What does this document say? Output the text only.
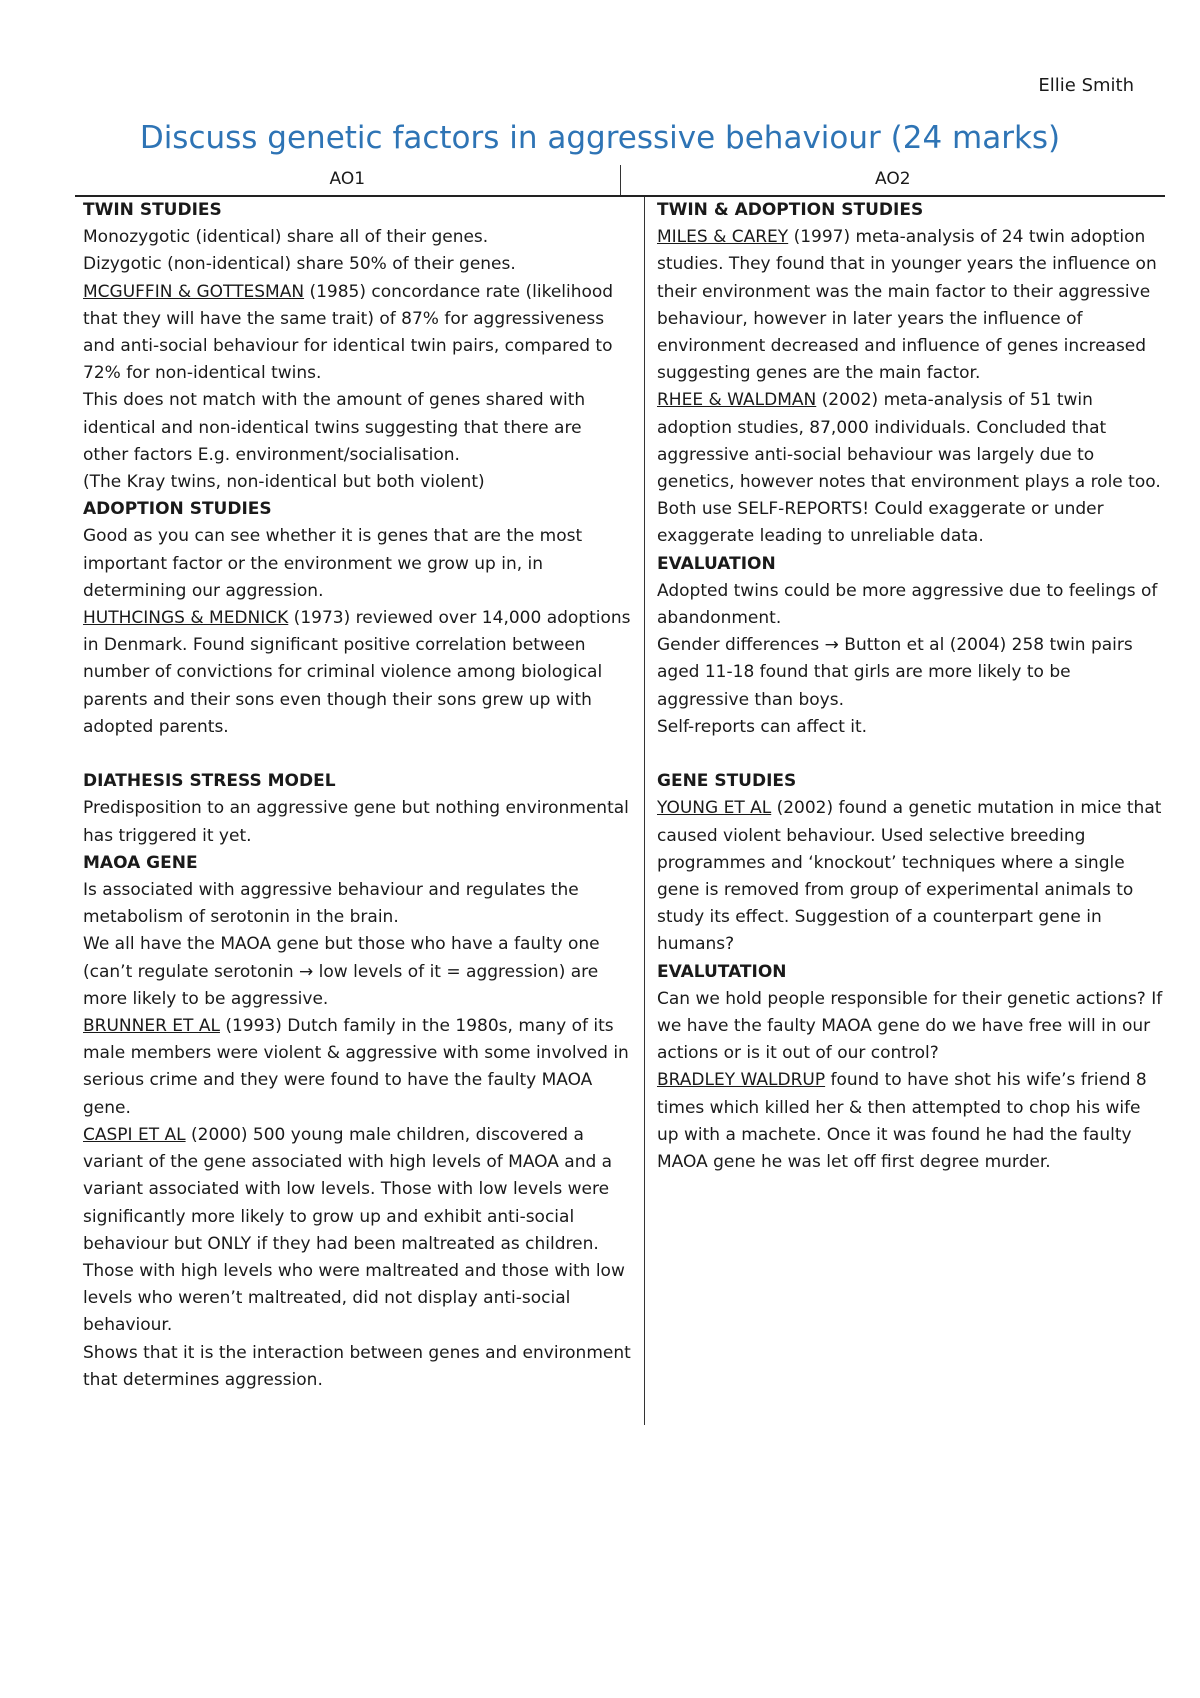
Ellie Smith
Discuss genetic factors in aggressive behaviour (24 marks)
AO1	AO2

TWIN STUDIES

Monozygotic (identical) share all of their genes.

Dizygotic (non-identical) share 50% of their genes.

MCGUFFIN & GOTTESMAN (1985) concordance rate (likelihood that they will have the same trait) of 87% for aggressiveness and anti-social behaviour for identical twin pairs, compared to 72% for non-identical twins.

This does not match with the amount of genes shared with identical and non-identical twins suggesting that there are other factors E.g. environment/socialisation.

(The Kray twins, non-identical but both violent)

ADOPTION STUDIES

Good as you can see whether it is genes that are the most important factor or the environment we grow up in, in determining our aggression.

HUTHCINGS & MEDNICK (1973) reviewed over 14,000 adoptions in Denmark. Found significant positive correlation between number of convictions for criminal violence among biological parents and their sons even though their sons grew up with adopted parents.

DIATHESIS STRESS MODEL

Predisposition to an aggressive gene but nothing environmental has triggered it yet.

MAOA GENE

Is associated with aggressive behaviour and regulates the metabolism of serotonin in the brain.

We all have the MAOA gene but those who have a faulty one (can’t regulate serotonin → low levels of it = aggression) are more likely to be aggressive.

BRUNNER ET AL (1993) Dutch family in the 1980s, many of its male members were violent & aggressive with some involved in serious crime and they were found to have the faulty MAOA gene.

CASPI ET AL (2000) 500 young male children, discovered a variant of the gene associated with high levels of MAOA and a variant associated with low levels. Those with low levels were significantly more likely to grow up and exhibit anti-social behaviour but ONLY if they had been maltreated as children. Those with high levels who were maltreated and those with low levels who weren’t maltreated, did not display anti-social behaviour.

Shows that it is the interaction between genes and environment that determines aggression.

TWIN & ADOPTION STUDIES

MILES & CAREY (1997) meta-analysis of 24 twin adoption studies. They found that in younger years the influence on their environment was the main factor to their aggressive behaviour, however in later years the influence of environment decreased and influence of genes increased suggesting genes are the main factor.

RHEE & WALDMAN (2002) meta-analysis of 51 twin adoption studies, 87,000 individuals. Concluded that aggressive anti-social behaviour was largely due to genetics, however notes that environment plays a role too.

Both use SELF-REPORTS! Could exaggerate or under exaggerate leading to unreliable data.

EVALUATION

Adopted twins could be more aggressive due to feelings of abandonment.

Gender differences → Button et al (2004) 258 twin pairs aged 11-18 found that girls are more likely to be aggressive than boys.

Self-reports can affect it.

GENE STUDIES

YOUNG ET AL (2002) found a genetic mutation in mice that caused violent behaviour. Used selective breeding programmes and ‘knockout’ techniques where a single gene is removed from group of experimental animals to study its effect. Suggestion of a counterpart gene in humans?

EVALUTATION

Can we hold people responsible for their genetic actions? If we have the faulty MAOA gene do we have free will in our actions or is it out of our control?

BRADLEY WALDRUP found to have shot his wife’s friend 8 times which killed her & then attempted to chop his wife up with a machete. Once it was found he had the faulty MAOA gene he was let off first degree murder.
